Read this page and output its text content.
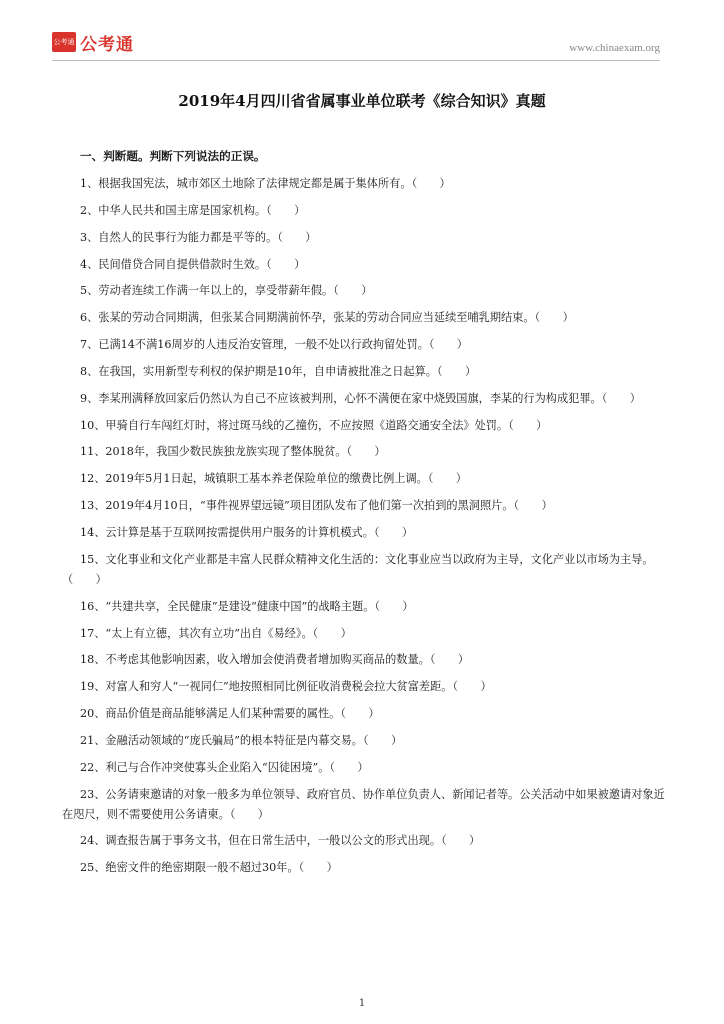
公考通 公考通	www.chinaexam.org
2019年4月四川省省属事业单位联考《综合知识》真题
一、判断题。判断下列说法的正误。
1、根据我国宪法，城市郊区土地除了法律规定都是属于集体所有。（　　）
2、中华人民共和国主席是国家机构。（　　）
3、自然人的民事行为能力都是平等的。（　　）
4、民间借贷合同自提供借款时生效。（　　）
5、劳动者连续工作满一年以上的，享受带薪年假。（　　）
6、张某的劳动合同期满，但张某合同期满前怀孕，张某的劳动合同应当延续至哺乳期结束。（　　）
7、已满14不满16周岁的人违反治安管理，一般不处以行政拘留处罚。（　　）
8、在我国，实用新型专利权的保护期是10年，自申请被批准之日起算。（　　）
9、李某刑满释放回家后仍然认为自己不应该被判刑，心怀不满便在家中烧毁国旗，李某的行为构成犯罪。（　　）
10、甲骑自行车闯红灯时，将过斑马线的乙撞伤，不应按照《道路交通安全法》处罚。（　　）
11、2018年，我国少数民族独龙族实现了整体脱贫。（　　）
12、2019年5月1日起，城镇职工基本养老保险单位的缴费比例上调。（　　）
13、2019年4月10日，“事件视界望远镜”项目团队发布了他们第一次拍到的黑洞照片。（　　）
14、云计算是基于互联网按需提供用户服务的计算机模式。（　　）
15、文化事业和文化产业都是丰富人民群众精神文化生活的：文化事业应当以政府为主导，文化产业以市场为主导。（　　）
16、“共建共享，全民健康”是建设“健康中国”的战略主题。（　　）
17、“太上有立德，其次有立功”出自《易经》。（　　）
18、不考虑其他影响因素，收入增加会使消费者增加购买商品的数量。（　　）
19、对富人和穷人“一视同仁”地按照相同比例征收消费税会拉大贫富差距。（　　）
20、商品价值是商品能够满足人们某种需要的属性。（　　）
21、金融活动领域的“庞氏骗局”的根本特征是内幕交易。（　　）
22、利己与合作冲突使寡头企业陷入“囚徒困境”。（　　）
23、公务请柬邀请的对象一般多为单位领导、政府官员、协作单位负责人、新闻记者等。公关活动中如果被邀请对象近在咫尺，则不需要使用公务请柬。（　　）
24、调查报告属于事务文书，但在日常生活中，一般以公文的形式出现。（　　）
25、绝密文件的绝密期限一般不超过30年。（　　）
1
